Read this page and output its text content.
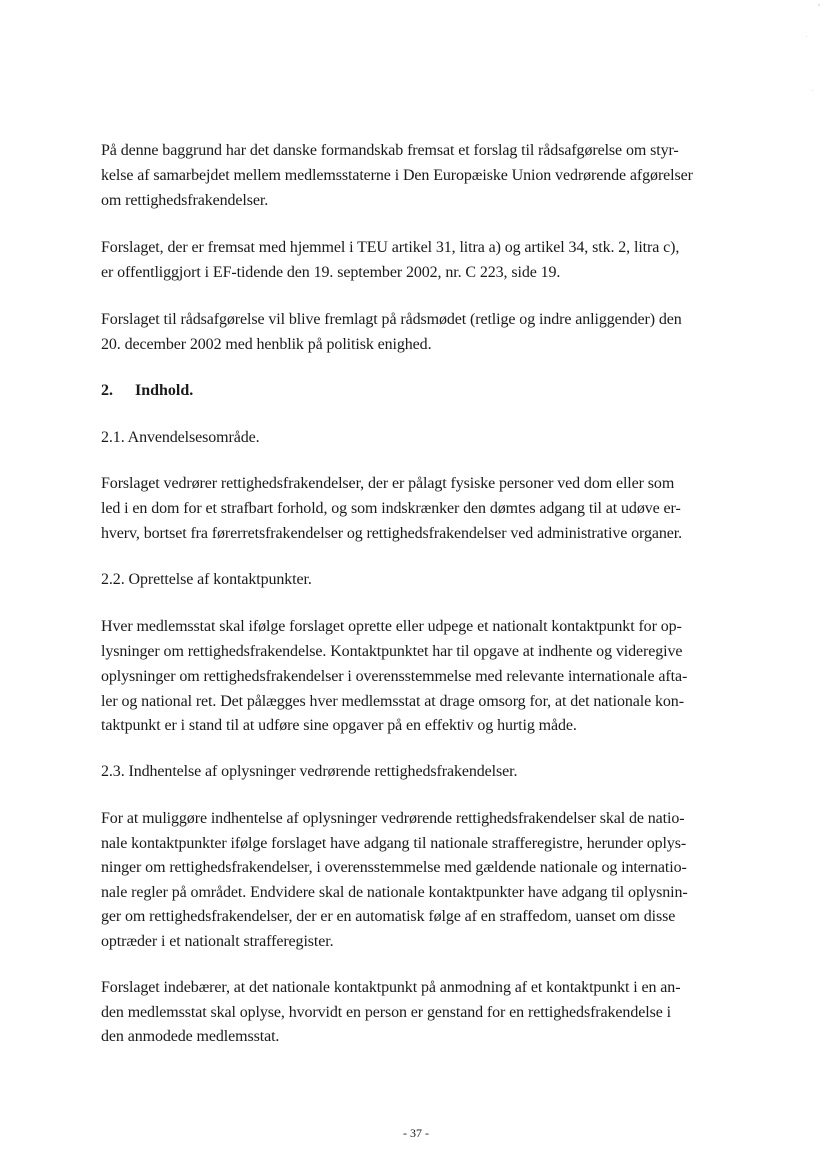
På denne baggrund har det danske formandskab fremsat et forslag til rådsafgørelse om styr-
kelse af samarbejdet mellem medlemsstaterne i Den Europæiske Union vedrørende afgørelser
om rettighedsfrakendelser.
Forslaget, der er fremsat med hjemmel i TEU artikel 31, litra a) og artikel 34, stk. 2, litra c),
er offentliggjort i EF-tidende den 19. september 2002, nr. C 223, side 19.
Forslaget til rådsafgørelse vil blive fremlagt på rådsmødet (retlige og indre anliggender) den
20. december 2002 med henblik på politisk enighed.
2. Indhold.
2.1. Anvendelsesområde.
Forslaget vedrører rettighedsfrakendelser, der er pålagt fysiske personer ved dom eller som
led i en dom for et strafbart forhold, og som indskrænker den dømtes adgang til at udøve er-
hverv, bortset fra førerretsfrakendelser og rettighedsfrakendelser ved administrative organer.
2.2. Oprettelse af kontaktpunkter.
Hver medlemsstat skal ifølge forslaget oprette eller udpege et nationalt kontaktpunkt for op-
lysninger om rettighedsfrakendelse. Kontaktpunktet har til opgave at indhente og videregive
oplysninger om rettighedsfrakendelser i overensstemmelse med relevante internationale afta-
ler og national ret. Det pålægges hver medlemsstat at drage omsorg for, at det nationale kon-
taktpunkt er i stand til at udføre sine opgaver på en effektiv og hurtig måde.
2.3. Indhentelse af oplysninger vedrørende rettighedsfrakendelser.
For at muliggøre indhentelse af oplysninger vedrørende rettighedsfrakendelser skal de natio-
nale kontaktpunkter ifølge forslaget have adgang til nationale strafferegistre, herunder oplys-
ninger om rettighedsfrakendelser, i overensstemmelse med gældende nationale og internatio-
nale regler på området. Endvidere skal de nationale kontaktpunkter have adgang til oplysnin-
ger om rettighedsfrakendelser, der er en automatisk følge af en straffedom, uanset om disse
optræder i et nationalt strafferegister.
Forslaget indebærer, at det nationale kontaktpunkt på anmodning af et kontaktpunkt i en an-
den medlemsstat skal oplyse, hvorvidt en person er genstand for en rettighedsfrakendelse i
den anmodede medlemsstat.
- 37 -
